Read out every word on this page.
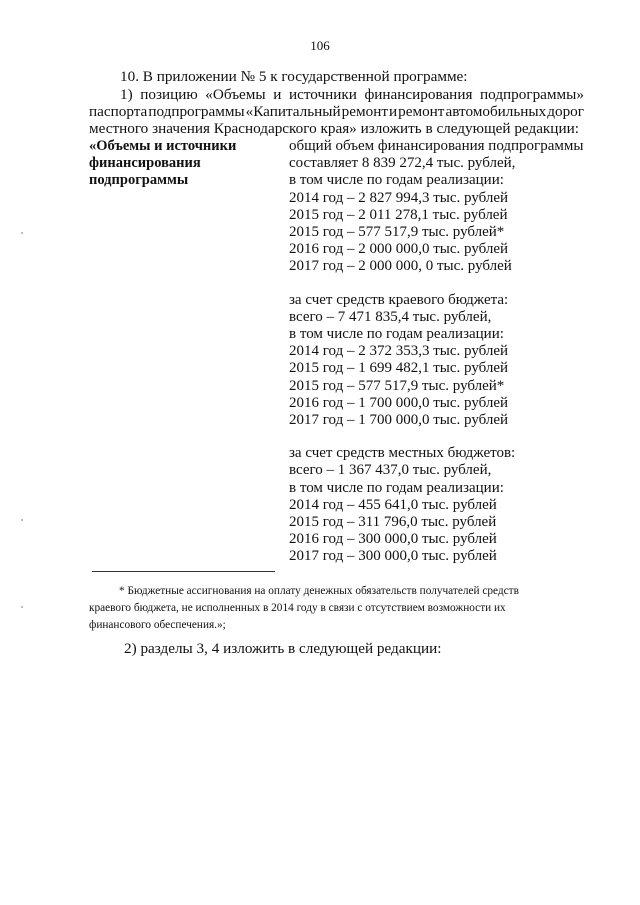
106
10. В приложении № 5 к государственной программе:
1) позицию «Объемы и источники финансирования подпрограммы»
паспорта подпрограммы «Капитальный ремонт и ремонт автомобильных дорог
местного значения Краснодарского края» изложить в следующей редакции:
«Объемы и источники
финансирования
подпрограммы
общий объем финансирования подпрограммы
составляет 8 839 272,4 тыс. рублей,
в том числе по годам реализации:
2014 год – 2 827 994,3 тыс. рублей
2015 год – 2 011 278,1 тыс. рублей
2015 год – 577 517,9 тыс. рублей*
2016 год – 2 000 000,0 тыс. рублей
2017 год – 2 000 000, 0 тыс. рублей
за счет средств краевого бюджета:
всего – 7 471 835,4 тыс. рублей,
в том числе по годам реализации:
2014 год – 2 372 353,3 тыс. рублей
2015 год – 1 699 482,1 тыс. рублей
2015 год – 577 517,9 тыс. рублей*
2016 год – 1 700 000,0 тыс. рублей
2017 год – 1 700 000,0 тыс. рублей
за счет средств местных бюджетов:
всего – 1 367 437,0 тыс. рублей,
в том числе по годам реализации:
2014 год – 455 641,0 тыс. рублей
2015 год – 311 796,0 тыс. рублей
2016 год – 300 000,0 тыс. рублей
2017 год – 300 000,0 тыс. рублей
* Бюджетные ассигнования на оплату денежных обязательств получателей средств
краевого бюджета, не исполненных в 2014 году в связи с отсутствием возможности их
финансового обеспечения.»;
2) разделы 3, 4 изложить в следующей редакции:
